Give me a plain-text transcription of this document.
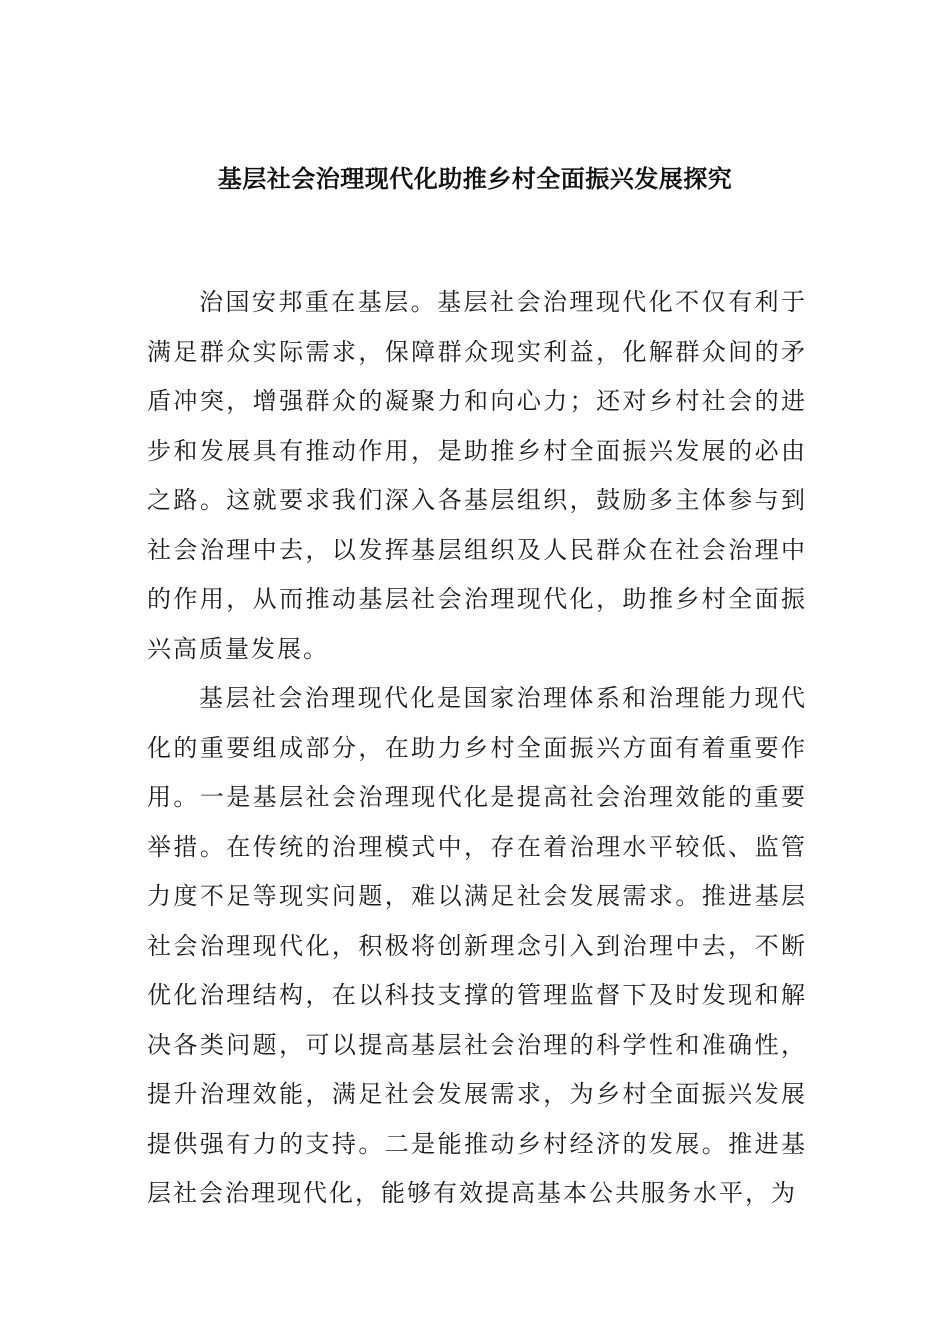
基层社会治理现代化助推乡村全面振兴发展探究

治国安邦重在基层。基层社会治理现代化不仅有利于满足群众实际需求，保障群众现实利益，化解群众间的矛盾冲突，增强群众的凝聚力和向心力；还对乡村社会的进步和发展具有推动作用，是助推乡村全面振兴发展的必由之路。这就要求我们深入各基层组织，鼓励多主体参与到社会治理中去，以发挥基层组织及人民群众在社会治理中的作用，从而推动基层社会治理现代化，助推乡村全面振兴高质量发展。

基层社会治理现代化是国家治理体系和治理能力现代化的重要组成部分，在助力乡村全面振兴方面有着重要作用。一是基层社会治理现代化是提高社会治理效能的重要举措。在传统的治理模式中，存在着治理水平较低、监管力度不足等现实问题，难以满足社会发展需求。推进基层社会治理现代化，积极将创新理念引入到治理中去，不断优化治理结构，在以科技支撑的管理监督下及时发现和解决各类问题，可以提高基层社会治理的科学性和准确性，提升治理效能，满足社会发展需求，为乡村全面振兴发展提供强有力的支持。二是能推动乡村经济的发展。推进基层社会治理现代化，能够有效提高基本公共服务水平，为
